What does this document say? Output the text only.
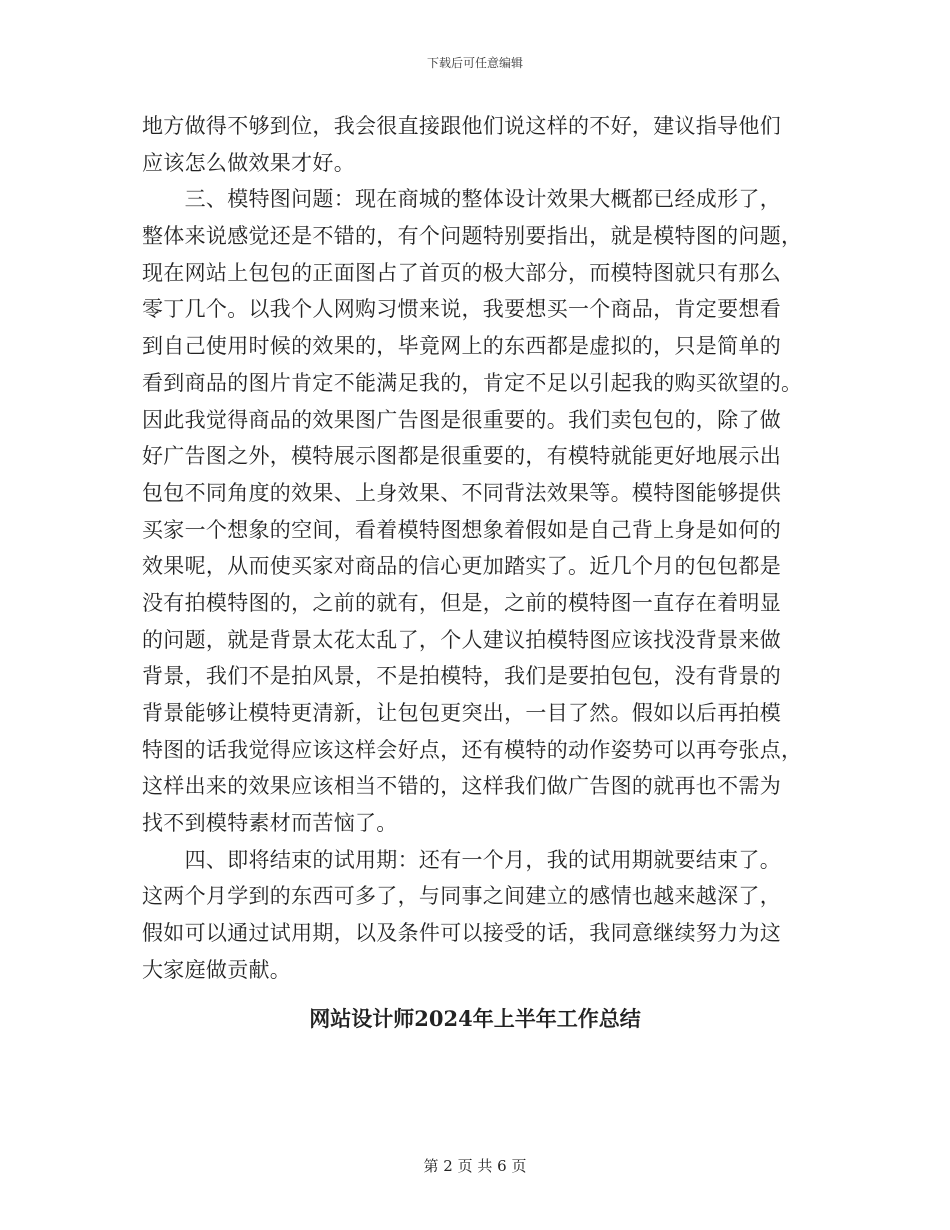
下载后可任意编辑
地方做得不够到位，我会很直接跟他们说这样的不好，建议指导他们
应该怎么做效果才好。
　　三、模特图问题：现在商城的整体设计效果大概都已经成形了，
整体来说感觉还是不错的，有个问题特别要指出，就是模特图的问题，
现在网站上包包的正面图占了首页的极大部分，而模特图就只有那么
零丁几个。以我个人网购习惯来说，我要想买一个商品，肯定要想看
到自己使用时候的效果的，毕竟网上的东西都是虚拟的，只是简单的
看到商品的图片肯定不能满足我的，肯定不足以引起我的购买欲望的。
因此我觉得商品的效果图广告图是很重要的。我们卖包包的，除了做
好广告图之外，模特展示图都是很重要的，有模特就能更好地展示出
包包不同角度的效果、上身效果、不同背法效果等。模特图能够提供
买家一个想象的空间，看着模特图想象着假如是自己背上身是如何的
效果呢，从而使买家对商品的信心更加踏实了。近几个月的包包都是
没有拍模特图的，之前的就有，但是，之前的模特图一直存在着明显
的问题，就是背景太花太乱了，个人建议拍模特图应该找没背景来做
背景，我们不是拍风景，不是拍模特，我们是要拍包包，没有背景的
背景能够让模特更清新，让包包更突出，一目了然。假如以后再拍模
特图的话我觉得应该这样会好点，还有模特的动作姿势可以再夸张点，
这样出来的效果应该相当不错的，这样我们做广告图的就再也不需为
找不到模特素材而苦恼了。
　　四、即将结束的试用期：还有一个月，我的试用期就要结束了。
这两个月学到的东西可多了，与同事之间建立的感情也越来越深了，
假如可以通过试用期，以及条件可以接受的话，我同意继续努力为这
大家庭做贡献。
网站设计师2024年上半年工作总结
第 2 页 共 6 页
